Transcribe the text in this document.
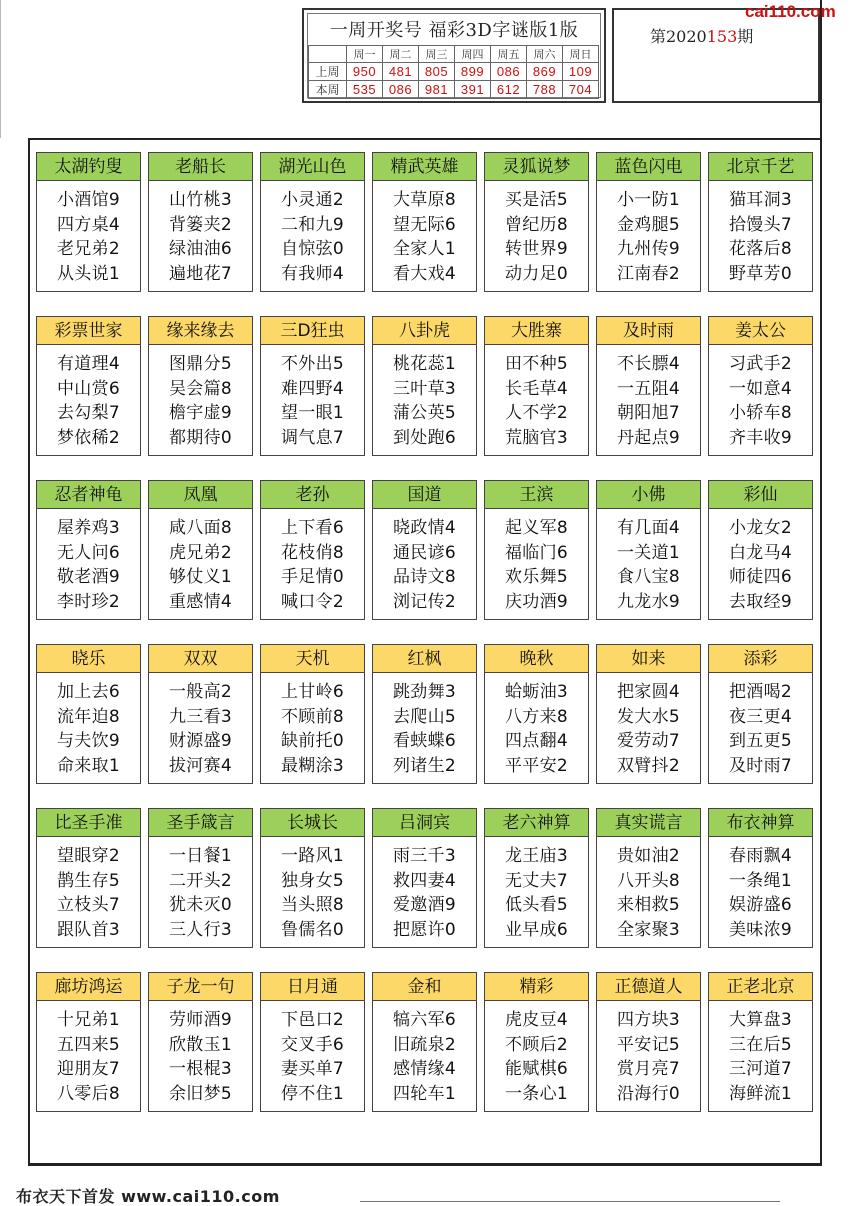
一周开奖号 福彩3D字谜版1版
	周一	周二	周三	周四	周五	周六	周日
上周	950	481	805	899	086	869	109
本周	535	086	981	391	612	788	704
第2020153期
cai110.com
太湖钓叟
小酒馆9
四方桌4
老兄弟2
从头说1
老船长
山竹桃3
背篓夹2
绿油油6
遍地花7
湖光山色
小灵通2
二和九9
自惊弦0
有我师4
精武英雄
大草原8
望无际6
全家人1
看大戏4
灵狐说梦
买是活5
曾纪历8
转世界9
动力足0
蓝色闪电
小一防1
金鸡腿5
九州传9
江南春2
北京千艺
猫耳洞3
拾馒头7
花落后8
野草芳0
彩票世家
有道理4
中山赏6
去勾梨7
梦依稀2
缘来缘去
图鼎分5
吴会篇8
檐宇虚9
都期待0
三D狂虫
不外出5
难四野4
望一眼1
调气息7
八卦虎
桃花蕊1
三叶草3
蒲公英5
到处跑6
大胜寨
田不种5
长毛草4
人不学2
荒脑官3
及时雨
不长膘4
一五阻4
朝阳旭7
丹起点9
姜太公
习武手2
一如意4
小轿车8
齐丰收9
忍者神龟
屋养鸡3
无人问6
敬老酒9
李时珍2
凤凰
咸八面8
虎兄弟2
够仗义1
重感情4
老孙
上下看6
花枝俏8
手足情0
喊口令2
国道
晓政情4
通民谚6
品诗文8
浏记传2
王滨
起义军8
福临门6
欢乐舞5
庆功酒9
小佛
有几面4
一关道1
食八宝8
九龙水9
彩仙
小龙女2
白龙马4
师徒四6
去取经9
晓乐
加上去6
流年迫8
与夫饮9
命来取1
双双
一般高2
九三看3
财源盛9
拔河赛4
天机
上甘岭6
不顾前8
缺前托0
最糊涂3
红枫
跳劲舞3
去爬山5
看蛱蝶6
列诸生2
晚秋
蛤蛎油3
八方来8
四点翻4
平平安2
如来
把家圆4
发大水5
爱劳动7
双臂抖2
添彩
把酒喝2
夜三更4
到五更5
及时雨7
比圣手准
望眼穿2
鹊生存5
立枝头7
跟队首3
圣手箴言
一日餐1
二开头2
犹未灭0
三人行3
长城长
一路风1
独身女5
当头照8
鲁儒名0
吕洞宾
雨三千3
救四妻4
爱邀酒9
把愿许0
老六神算
龙王庙3
无丈夫7
低头看5
业早成6
真实谎言
贵如油2
八开头8
来相救5
全家聚3
布衣神算
春雨飘4
一条绳1
娱游盛6
美味浓9
廊坊鸿运
十兄弟1
五四来5
迎朋友7
八零后8
子龙一句
劳师酒9
欣散玉1
一根棍3
余旧梦5
日月通
下邑口2
交叉手6
妻买单7
停不住1
金和
犒六军6
旧疏泉2
感情缘4
四轮车1
精彩
虎皮豆4
不顾后2
能赋棋6
一条心1
正德道人
四方块3
平安记5
赏月亮7
沿海行0
正老北京
大算盘3
三在后5
三河道7
海鲜流1
布衣天下首发 www.cai110.com
